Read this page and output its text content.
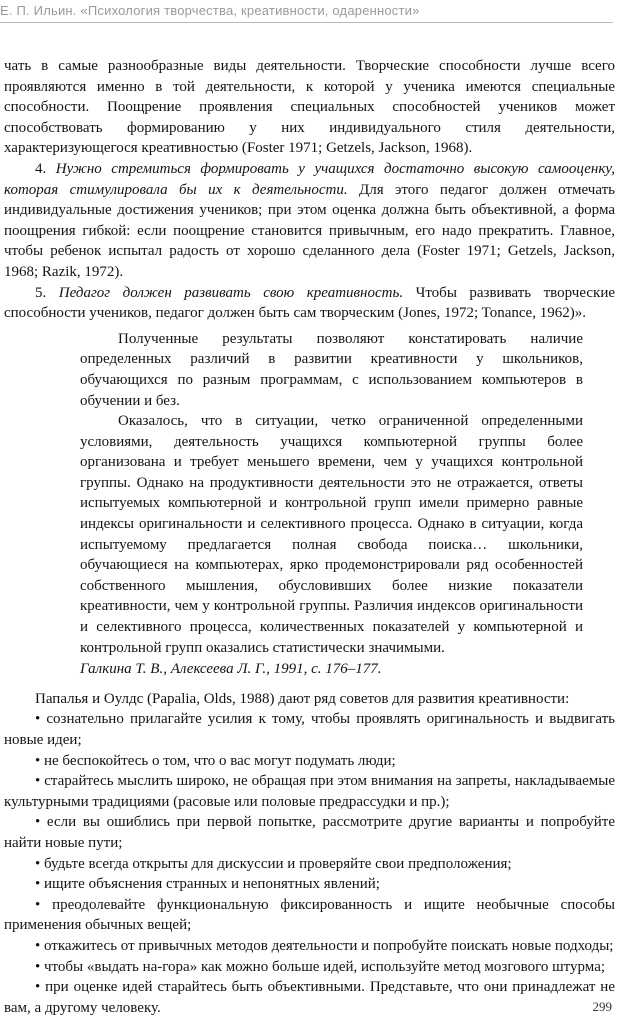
Е. П. Ильин. «Психология творчества, креативности, одаренности»

чать в самые разнообразные виды деятельности. Творческие способности лучше всего проявляются именно в той деятельности, к которой у ученика имеются специальные способности. Поощрение проявления специальных способностей учеников может способствовать формированию у них индивидуального стиля деятельности, характеризующегося креативностью (Foster 1971; Getzels, Jackson, 1968).

4. Нужно стремиться формировать у учащихся достаточно высокую самооценку, которая стимулировала бы их к деятельности. Для этого педагог должен отмечать индивидуальные достижения учеников; при этом оценка должна быть объективной, а форма поощрения гибкой: если поощрение становится привычным, его надо прекратить. Главное, чтобы ребенок испытал радость от хорошо сделанного дела (Foster 1971; Getzels, Jackson, 1968; Razik, 1972).

5. Педагог должен развивать свою креативность. Чтобы развивать творческие способности учеников, педагог должен быть сам творческим (Jones, 1972; Tonance, 1962)».

Полученные результаты позволяют констатировать наличие определенных различий в развитии креативности у школьников, обучающихся по разным программам, с использованием компьютеров в обучении и без.

Оказалось, что в ситуации, четко ограниченной определенными условиями, деятельность учащихся компьютерной группы более организована и требует меньшего времени, чем у учащихся контрольной группы. Однако на продуктивности деятельности это не отражается, ответы испытуемых компьютерной и контрольной групп имели примерно равные индексы оригинальности и селективного процесса. Однако в ситуации, когда испытуемому предлагается полная свобода поиска… школьники, обучающиеся на компьютерах, ярко продемонстрировали ряд особенностей собственного мышления, обусловивших более низкие показатели креативности, чем у контрольной группы. Различия индексов оригинальности и селективного процесса, количественных показателей у компьютерной и контрольной групп оказались статистически значимыми.

Галкина Т. В., Алексеева Л. Г., 1991, с. 176–177.

Папалья и Оулдс (Papalia, Olds, 1988) дают ряд советов для развития креативности:

• сознательно прилагайте усилия к тому, чтобы проявлять оригинальность и выдвигать новые идеи;

• не беспокойтесь о том, что о вас могут подумать люди;

• старайтесь мыслить широко, не обращая при этом внимания на запреты, накладываемые культурными традициями (расовые или половые предрассудки и пр.);

• если вы ошиблись при первой попытке, рассмотрите другие варианты и попробуйте найти новые пути;

• будьте всегда открыты для дискуссии и проверяйте свои предположения;

• ищите объяснения странных и непонятных явлений;

• преодолевайте функциональную фиксированность и ищите необычные способы применения обычных вещей;

• откажитесь от привычных методов деятельности и попробуйте поискать новые подходы;

• чтобы «выдать на-гора» как можно больше идей, используйте метод мозгового штурма;

• при оценке идей старайтесь быть объективными. Представьте, что они принадлежат не вам, а другому человеку.	299
